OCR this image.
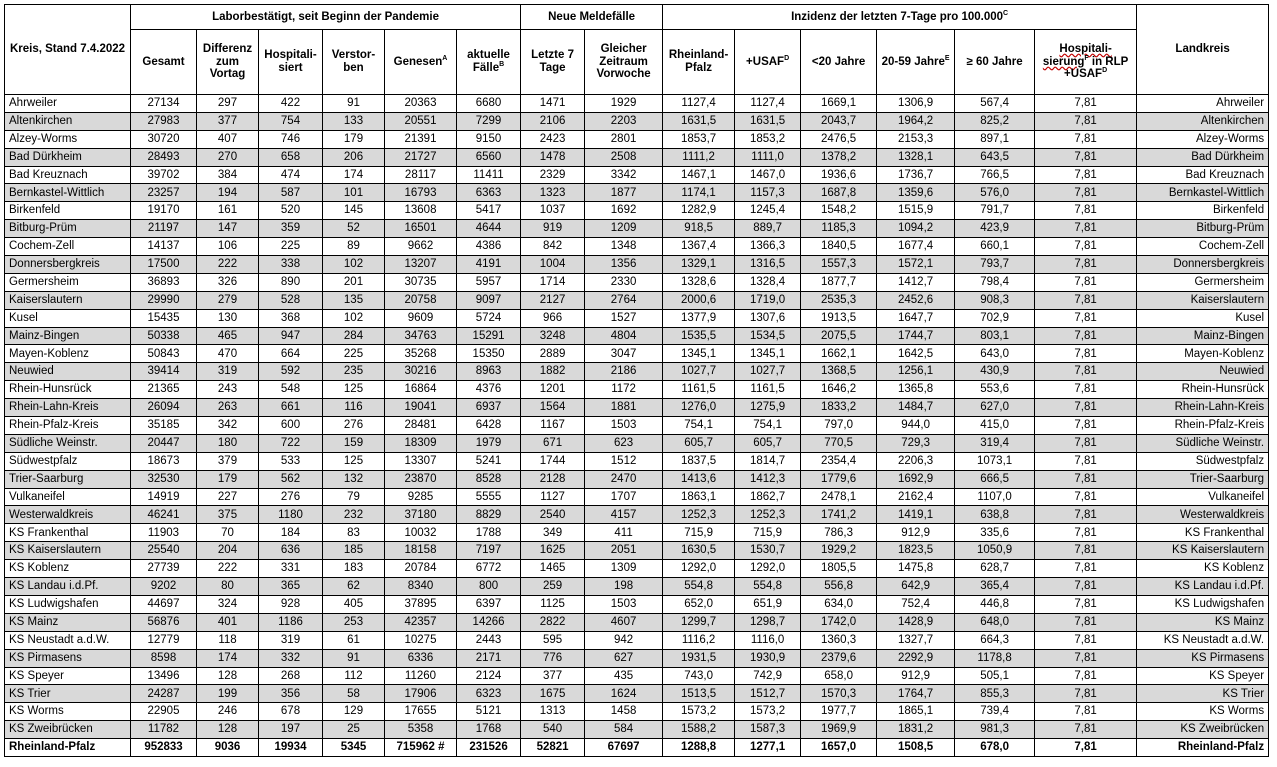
Kreis, Stand 7.4.2022	Laborbestätigt, seit Beginn der Pandemie						Neue Meldefälle		Inzidenz der letzten 7-Tage pro $100.000^C$						Landkreis
	Gesamt	Differenz zum Vortag	Hospitali-siert	Verstor-ben	Genesen$^A$	aktuelle Fälle$^B$	Letzte 7 Tage	Gleicher Zeitraum Vorwoche	Rheinland-Pfalz	$+USAF^D$	<20 Jahre	20-59 Jahre$^E$	≥ 60 Jahre	Hospitali-sierung$^F$ in RLP $+USAF^D$
Ahrweiler	27134	297	422	91	20363	6680	1471	1929	1127,4	1127,4	1669,1	1306,9	567,4	7,81	Ahrweiler
Altenkirchen	27983	377	754	133	20551	7299	2106	2203	1631,5	1631,5	2043,7	1964,2	825,2	7,81	Altenkirchen
Alzey-Worms	30720	407	746	179	21391	9150	2423	2801	1853,7	1853,2	2476,5	2153,3	897,1	7,81	Alzey-Worms
Bad Dürkheim	28493	270	658	206	21727	6560	1478	2508	1111,2	1111,0	1378,2	1328,1	643,5	7,81	Bad Dürkheim
Bad Kreuznach	39702	384	474	174	28117	11411	2329	3342	1467,1	1467,0	1936,6	1736,7	766,5	7,81	Bad Kreuznach
Bernkastel-Wittlich	23257	194	587	101	16793	6363	1323	1877	1174,1	1157,3	1687,8	1359,6	576,0	7,81	Bernkastel-Wittlich
Birkenfeld	19170	161	520	145	13608	5417	1037	1692	1282,9	1245,4	1548,2	1515,9	791,7	7,81	Birkenfeld
Bitburg-Prüm	21197	147	359	52	16501	4644	919	1209	918,5	889,7	1185,3	1094,2	423,9	7,81	Bitburg-Prüm
Cochem-Zell	14137	106	225	89	9662	4386	842	1348	1367,4	1366,3	1840,5	1677,4	660,1	7,81	Cochem-Zell
Donnersbergkreis	17500	222	338	102	13207	4191	1004	1356	1329,1	1316,5	1557,3	1572,1	793,7	7,81	Donnersbergkreis
Germersheim	36893	326	890	201	30735	5957	1714	2330	1328,6	1328,4	1877,7	1412,7	798,4	7,81	Germersheim
Kaiserslautern	29990	279	528	135	20758	9097	2127	2764	2000,6	1719,0	2535,3	2452,6	908,3	7,81	Kaiserslautern
Kusel	15435	130	368	102	9609	5724	966	1527	1377,9	1307,6	1913,5	1647,7	702,9	7,81	Kusel
Mainz-Bingen	50338	465	947	284	34763	15291	3248	4804	1535,5	1534,5	2075,5	1744,7	803,1	7,81	Mainz-Bingen
Mayen-Koblenz	50843	470	664	225	35268	15350	2889	3047	1345,1	1345,1	1662,1	1642,5	643,0	7,81	Mayen-Koblenz
Neuwied	39414	319	592	235	30216	8963	1882	2186	1027,7	1027,7	1368,5	1256,1	430,9	7,81	Neuwied
Rhein-Hunsrück	21365	243	548	125	16864	4376	1201	1172	1161,5	1161,5	1646,2	1365,8	553,6	7,81	Rhein-Hunsrück
Rhein-Lahn-Kreis	26094	263	661	116	19041	6937	1564	1881	1276,0	1275,9	1833,2	1484,7	627,0	7,81	Rhein-Lahn-Kreis
Rhein-Pfalz-Kreis	35185	342	600	276	28481	6428	1167	1503	754,1	754,1	797,0	944,0	415,0	7,81	Rhein-Pfalz-Kreis
Südliche Weinstr.	20447	180	722	159	18309	1979	671	623	605,7	605,7	770,5	729,3	319,4	7,81	Südliche Weinstr.
Südwestpfalz	18673	379	533	125	13307	5241	1744	1512	1837,5	1814,7	2354,4	2206,3	1073,1	7,81	Südwestpfalz
Trier-Saarburg	32530	179	562	132	23870	8528	2128	2470	1413,6	1412,3	1779,6	1692,9	666,5	7,81	Trier-Saarburg
Vulkaneifel	14919	227	276	79	9285	5555	1127	1707	1863,1	1862,7	2478,1	2162,4	1107,0	7,81	Vulkaneifel
Westerwaldkreis	46241	375	1180	232	37180	8829	2540	4157	1252,3	1252,3	1741,2	1419,1	638,8	7,81	Westerwaldkreis
KS Frankenthal	11903	70	184	83	10032	1788	349	411	715,9	715,9	786,3	912,9	335,6	7,81	KS Frankenthal
KS Kaiserslautern	25540	204	636	185	18158	7197	1625	2051	1630,5	1530,7	1929,2	1823,5	1050,9	7,81	KS Kaiserslautern
KS Koblenz	27739	222	331	183	20784	6772	1465	1309	1292,0	1292,0	1805,5	1475,8	628,7	7,81	KS Koblenz
KS Landau i.d.Pf.	9202	80	365	62	8340	800	259	198	554,8	554,8	556,8	642,9	365,4	7,81	KS Landau i.d.Pf.
KS Ludwigshafen	44697	324	928	405	37895	6397	1125	1503	652,0	651,9	634,0	752,4	446,8	7,81	KS Ludwigshafen
KS Mainz	56876	401	1186	253	42357	14266	2822	4607	1299,7	1298,7	1742,0	1428,9	648,0	7,81	KS Mainz
KS Neustadt a.d.W.	12779	118	319	61	10275	2443	595	942	1116,2	1116,0	1360,3	1327,7	664,3	7,81	KS Neustadt a.d.W.
KS Pirmasens	8598	174	332	91	6336	2171	776	627	1931,5	1930,9	2379,6	2292,9	1178,8	7,81	KS Pirmasens
KS Speyer	13496	128	268	112	11260	2124	377	435	743,0	742,9	658,0	912,9	505,1	7,81	KS Speyer
KS Trier	24287	199	356	58	17906	6323	1675	1624	1513,5	1512,7	1570,3	1764,7	855,3	7,81	KS Trier
KS Worms	22905	246	678	129	17655	5121	1313	1458	1573,2	1573,2	1977,7	1865,1	739,4	7,81	KS Worms
KS Zweibrücken	11782	128	197	25	5358	1768	540	584	1588,2	1587,3	1969,9	1831,2	981,3	7,81	KS Zweibrücken
Rheinland-Pfalz	952833	9036	19934	5345	715962 #	231526	52821	67697	1288,8	1277,1	1657,0	1508,5	678,0	7,81	Rheinland-Pfalz
